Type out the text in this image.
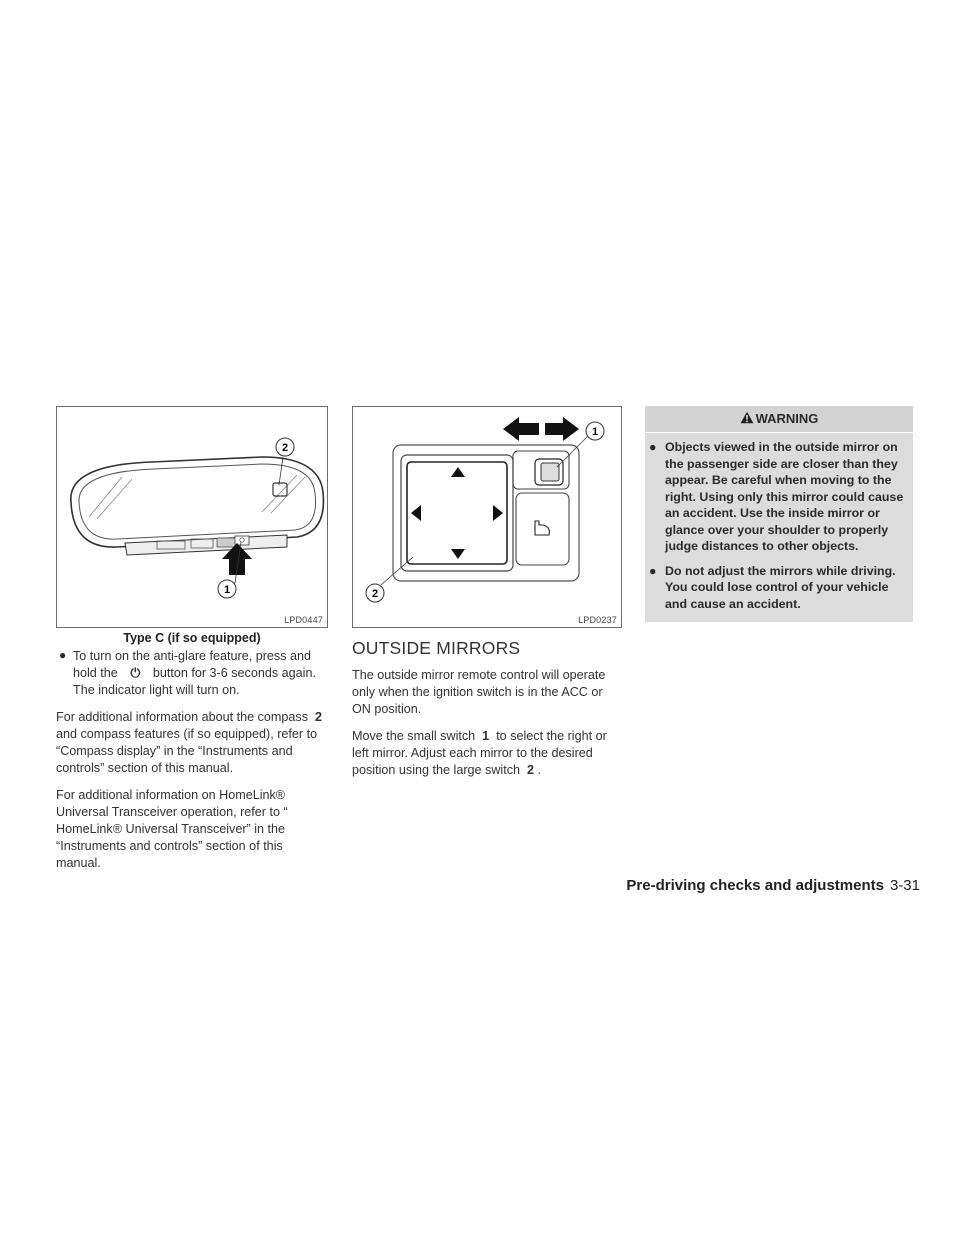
2
1
LPD0447
Type C (if so equipped)
● To turn on the anti-glare feature, press and hold the ⏻ button for 3-6 seconds again. The indicator light will turn on.

For additional information about the compass 2 and compass features (if so equipped), refer to “Compass display” in the “Instruments and controls” section of this manual.

For additional information on HomeLink® Universal Transceiver operation, refer to “ HomeLink® Universal Transceiver” in the “Instruments and controls” section of this manual.

1
2
LPD0237
OUTSIDE MIRRORS

The outside mirror remote control will operate only when the ignition switch is in the ACC or ON position.

Move the small switch 1 to select the right or left mirror. Adjust each mirror to the desired position using the large switch 2 .

WARNING
● Objects viewed in the outside mirror on the passenger side are closer than they appear. Be careful when moving to the right. Using only this mirror could cause an accident. Use the inside mirror or glance over your shoulder to properly judge distances to other objects.
● Do not adjust the mirrors while driving. You could lose control of your vehicle and cause an accident.
Pre-driving checks and adjustments 3-31
